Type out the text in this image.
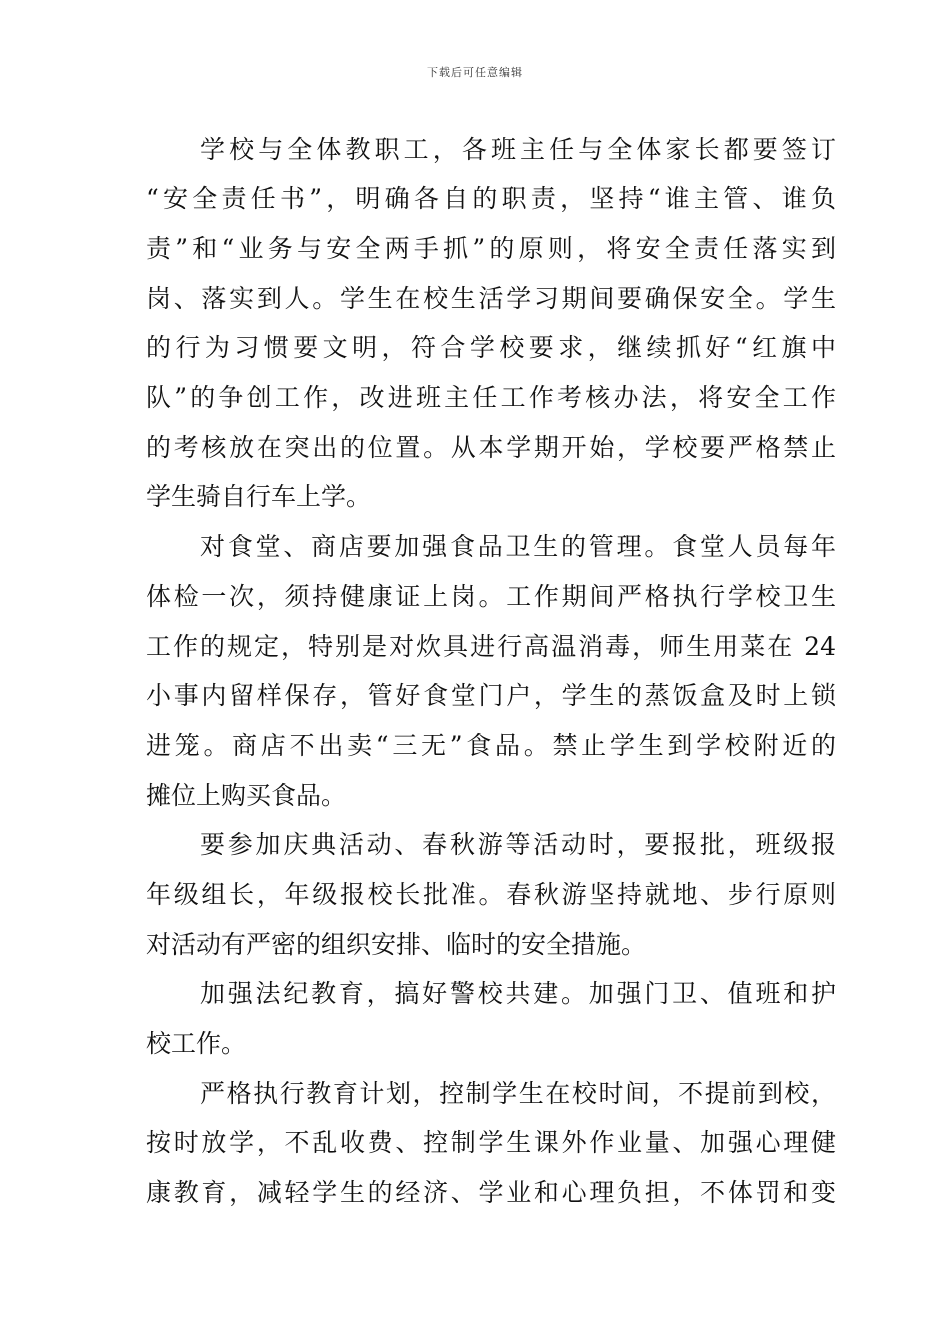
下载后可任意编辑
学校与全体教职工，各班主任与全体家长都要签订
“安全责任书”，明确各自的职责，坚持“谁主管、谁负
责”和“业务与安全两手抓”的原则，将安全责任落实到
岗、落实到人。学生在校生活学习期间要确保安全。学生
的行为习惯要文明，符合学校要求，继续抓好“红旗中
队”的争创工作，改进班主任工作考核办法，将安全工作
的考核放在突出的位置。从本学期开始，学校要严格禁止
学生骑自行车上学。
对食堂、商店要加强食品卫生的管理。食堂人员每年
体检一次，须持健康证上岗。工作期间严格执行学校卫生
工作的规定，特别是对炊具进行高温消毒，师生用菜在 24
小事内留样保存，管好食堂门户，学生的蒸饭盒及时上锁
进笼。商店不出卖“三无”食品。禁止学生到学校附近的
摊位上购买食品。
要参加庆典活动、春秋游等活动时，要报批，班级报
年级组长，年级报校长批准。春秋游坚持就地、步行原则
对活动有严密的组织安排、临时的安全措施。
加强法纪教育，搞好警校共建。加强门卫、值班和护
校工作。
严格执行教育计划，控制学生在校时间，不提前到校，
按时放学，不乱收费、控制学生课外作业量、加强心理健
康教育，减轻学生的经济、学业和心理负担，不体罚和变
